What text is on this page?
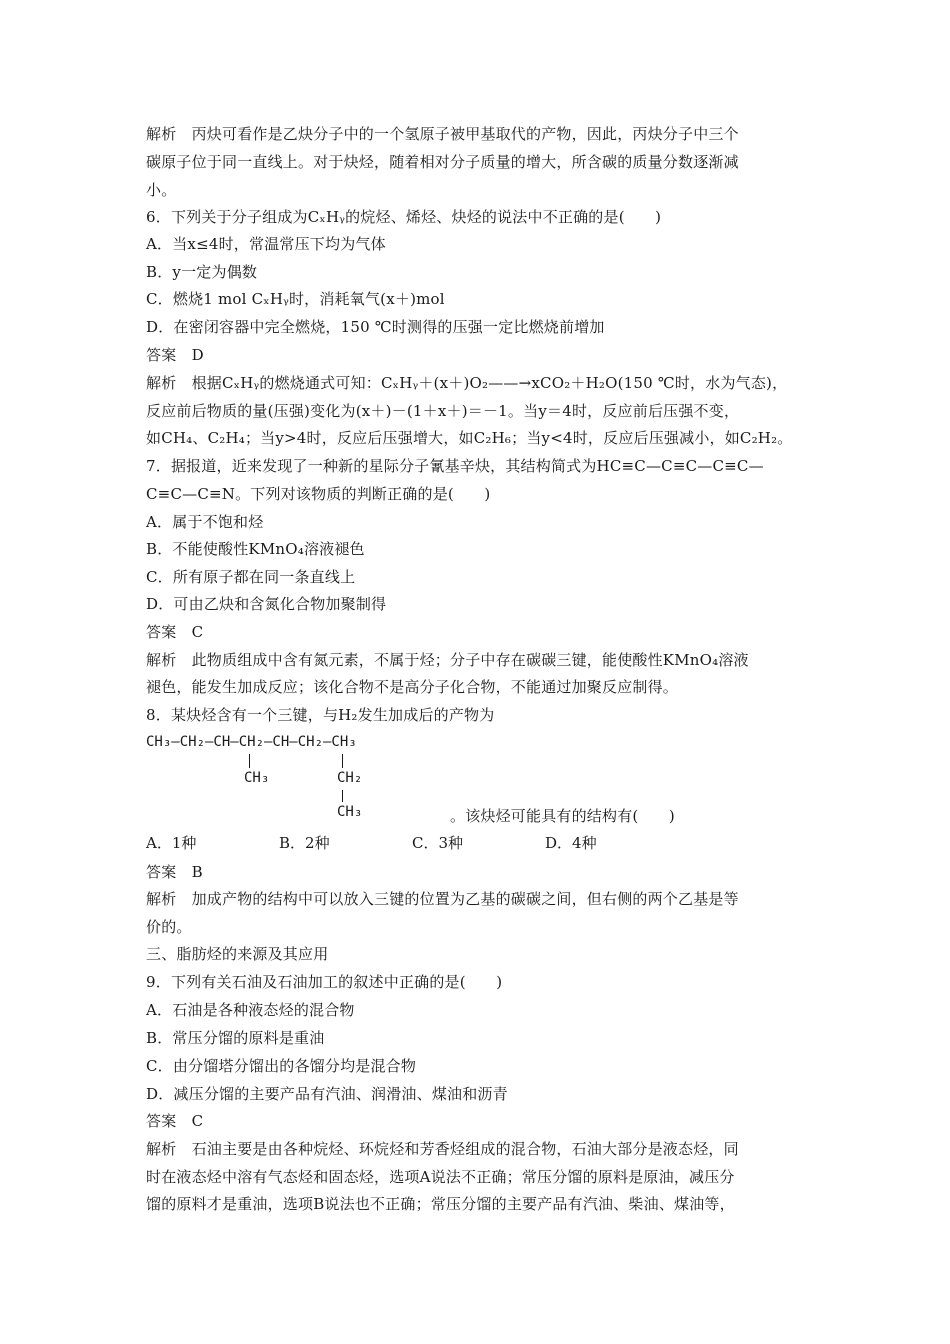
解析　丙炔可看作是乙炔分子中的一个氢原子被甲基取代的产物，因此，丙炔分子中三个
碳原子位于同一直线上。对于炔烃，随着相对分子质量的增大，所含碳的质量分数逐渐减
小。
6．下列关于分子组成为CₓHᵧ的烷烃、烯烃、炔烃的说法中不正确的是(　　)
A．当x≤4时，常温常压下均为气体
B．y一定为偶数
C．燃烧1 mol CₓHᵧ时，消耗氧气(x＋)mol
D．在密闭容器中完全燃烧，150 ℃时测得的压强一定比燃烧前增加
答案　D
解析　根据CₓHᵧ的燃烧通式可知：CₓHᵧ＋(x＋)O₂——→xCO₂＋H₂O(150 ℃时，水为气态)，
反应前后物质的量(压强)变化为(x＋)－(1＋x＋)＝－1。当y＝4时，反应前后压强不变，
如CH₄、C₂H₄；当y>4时，反应后压强增大，如C₂H₆；当y<4时，反应后压强减小，如C₂H₂。
7．据报道，近来发现了一种新的星际分子氰基辛炔，其结构简式为HC≡C—C≡C—C≡C—
C≡C—C≡N。下列对该物质的判断正确的是(　　)
A．属于不饱和烃
B．不能使酸性KMnO₄溶液褪色
C．所有原子都在同一条直线上
D．可由乙炔和含氮化合物加聚制得
答案　C
解析　此物质组成中含有氮元素，不属于烃；分子中存在碳碳三键，能使酸性KMnO₄溶液
褪色，能发生加成反应；该化合物不是高分子化合物，不能通过加聚反应制得。
8．某炔烃含有一个三键，与H₂发生加成后的产物为
CH₃—CH₂—CH—CH₂—CH—CH₂—CH₃
CH₃	CH₂
CH₃	。该炔烃可能具有的结构有(　　)
A．1种	B．2种	C．3种	D．4种
答案　B
解析　加成产物的结构中可以放入三键的位置为乙基的碳碳之间，但右侧的两个乙基是等
价的。
三、脂肪烃的来源及其应用
9．下列有关石油及石油加工的叙述中正确的是(　　)
A．石油是各种液态烃的混合物
B．常压分馏的原料是重油
C．由分馏塔分馏出的各馏分均是混合物
D．减压分馏的主要产品有汽油、润滑油、煤油和沥青
答案　C
解析　石油主要是由各种烷烃、环烷烃和芳香烃组成的混合物，石油大部分是液态烃，同
时在液态烃中溶有气态烃和固态烃，选项A说法不正确；常压分馏的原料是原油，减压分
馏的原料才是重油，选项B说法也不正确；常压分馏的主要产品有汽油、柴油、煤油等，
